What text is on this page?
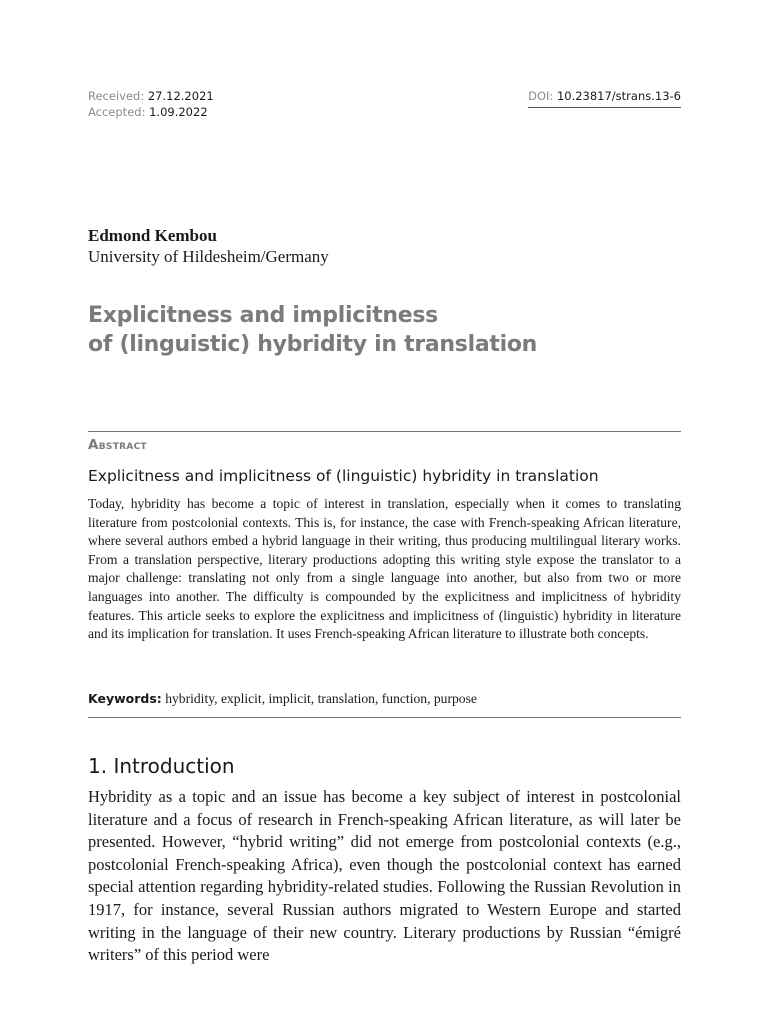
Received: 27.12.2021
Accepted: 1.09.2022
DOI: 10.23817/strans.13-6
Edmond Kembou
University of Hildesheim/Germany
Explicitness and implicitness
of (linguistic) hybridity in translation
Abstract
Explicitness and implicitness of (linguistic) hybridity in translation
Today, hybridity has become a topic of interest in translation, especially when it comes to translating literature from postcolonial contexts. This is, for instance, the case with French-speaking African literature, where several authors embed a hybrid language in their writing, thus producing multilingual literary works. From a translation perspective, literary productions adopting this writing style expose the translator to a major challenge: translating not only from a single language into another, but also from two or more languages into another. The difficulty is compounded by the explicitness and implicitness of hybridity features. This article seeks to explore the explicitness and implicitness of (linguistic) hybridity in literature and its implication for translation. It uses French-speaking African literature to illustrate both concepts.
Keywords: hybridity, explicit, implicit, translation, function, purpose
1. Introduction
Hybridity as a topic and an issue has become a key subject of interest in postcolonial literature and a focus of research in French-speaking African literature, as will later be presented. However, “hybrid writing” did not emerge from postcolonial contexts (e.g., postcolonial French-speaking Africa), even though the postcolonial context has earned special attention regarding hybridity-related studies. Following the Russian Revolution in 1917, for instance, several Russian authors migrated to Western Europe and started writing in the language of their new country. Literary productions by Russian “émigré writers” of this period were
